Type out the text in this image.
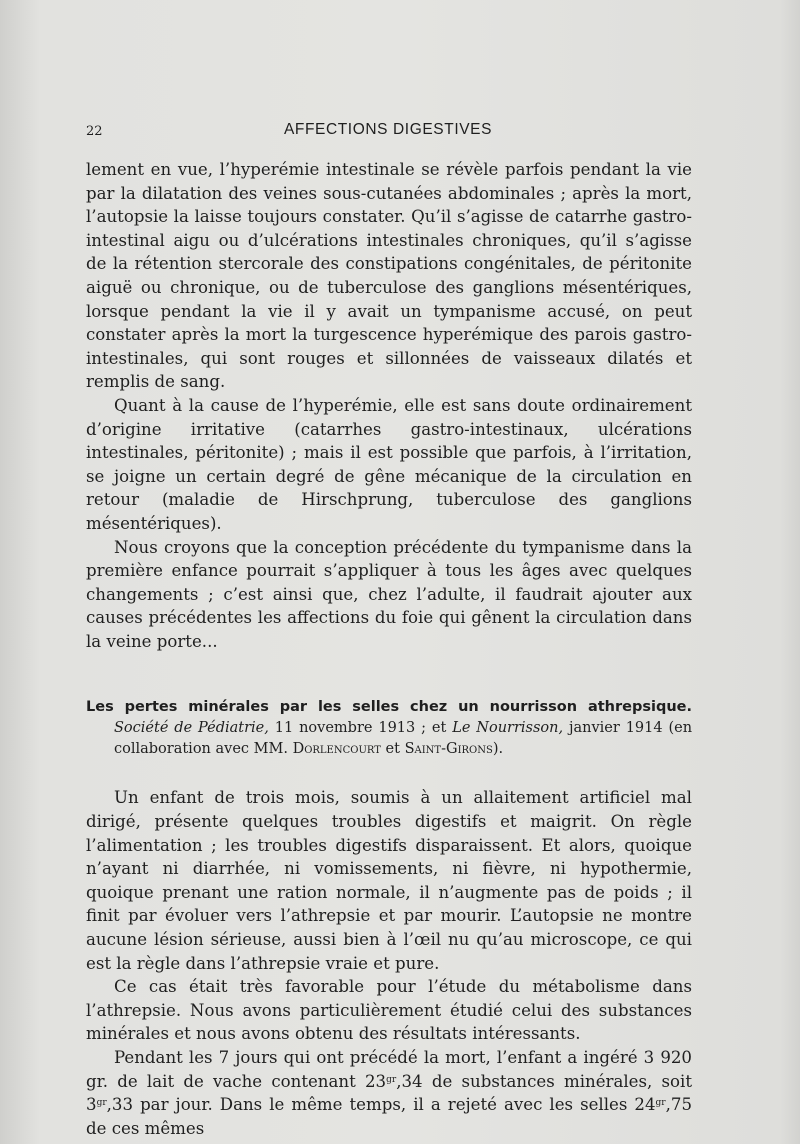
22	AFFECTIONS DIGESTIVES

lement en vue, l’hyperémie intestinale se révèle parfois pendant la vie par la dilatation des veines sous-cutanées abdominales ; après la mort, l’autopsie la laisse toujours constater. Qu’il s’agisse de catarrhe gastro-intestinal aigu ou d’ulcérations intestinales chroniques, qu’il s’agisse de la rétention stercorale des constipations congénitales, de péritonite aiguë ou chronique, ou de tuberculose des ganglions mésentériques, lorsque pendant la vie il y avait un tympanisme accusé, on peut constater après la mort la turgescence hyperémique des parois gastro-intestinales, qui sont rouges et sillonnées de vaisseaux dilatés et remplis de sang.

Quant à la cause de l’hyperémie, elle est sans doute ordinairement d’origine irritative (catarrhes gastro-intestinaux, ulcérations intestinales, péritonite) ; mais il est possible que parfois, à l’irritation, se joigne un certain degré de gêne mécanique de la circulation en retour (maladie de Hirschprung, tuberculose des ganglions mésentériques).

Nous croyons que la conception précédente du tympanisme dans la première enfance pourrait s’appliquer à tous les âges avec quelques changements ; c’est ainsi que, chez l’adulte, il faudrait ajouter aux causes précédentes les affections du foie qui gênent la circulation dans la veine porte...

Les pertes minérales par les selles chez un nourrisson athrepsique. Société de Pédiatrie, 11 novembre 1913 ; et Le Nourrisson, janvier 1914 (en collaboration avec MM. Dorlencourt et Saint-Girons).

Un enfant de trois mois, soumis à un allaitement artificiel mal dirigé, présente quelques troubles digestifs et maigrit. On règle l’alimentation ; les troubles digestifs disparaissent. Et alors, quoique n’ayant ni diarrhée, ni vomissements, ni fièvre, ni hypothermie, quoique prenant une ration normale, il n’augmente pas de poids ; il finit par évoluer vers l’athrepsie et par mourir. L’autopsie ne montre aucune lésion sérieuse, aussi bien à l’œil nu qu’au microscope, ce qui est la règle dans l’athrepsie vraie et pure.

Ce cas était très favorable pour l’étude du métabolisme dans l’athrepsie. Nous avons particulièrement étudié celui des substances minérales et nous avons obtenu des résultats intéressants.

Pendant les 7 jours qui ont précédé la mort, l’enfant a ingéré 3 920 gr. de lait de vache contenant $23^{gr},34$ de substances minérales, soit $3^{gr},33$ par jour. Dans le même temps, il a rejeté avec les selles $24^{gr},75$ de ces mêmes
